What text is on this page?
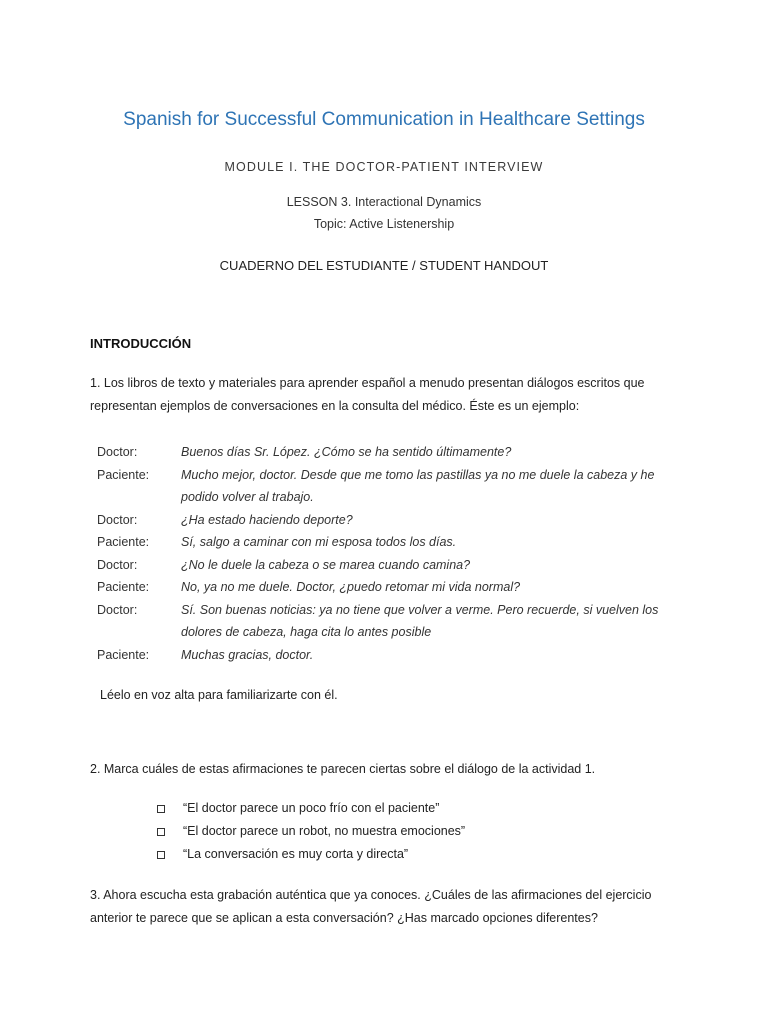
Spanish for Successful Communication in Healthcare Settings
MODULE I. THE DOCTOR-PATIENT INTERVIEW
LESSON 3. Interactional Dynamics
Topic: Active Listenership
CUADERNO DEL ESTUDIANTE / STUDENT HANDOUT
INTRODUCCIÓN
1. Los libros de texto y materiales para aprender español a menudo presentan diálogos escritos que representan ejemplos de conversaciones en la consulta del médico. Éste es un ejemplo:
Doctor:	Buenos días Sr. López. ¿Cómo se ha sentido últimamente?
Paciente:	Mucho mejor, doctor. Desde que me tomo las pastillas ya no me duele la cabeza y he podido volver al trabajo.
Doctor:	¿Ha estado haciendo deporte?
Paciente:	Sí, salgo a caminar con mi esposa todos los días.
Doctor:	¿No le duele la cabeza o se marea cuando camina?
Paciente:	No, ya no me duele. Doctor, ¿puedo retomar mi vida normal?
Doctor:	Sí. Son buenas noticias: ya no tiene que volver a verme. Pero recuerde, si vuelven los dolores de cabeza, haga cita lo antes posible
Paciente:	Muchas gracias, doctor.
Léelo en voz alta para familiarizarte con él.
2. Marca cuáles de estas afirmaciones te parecen ciertas sobre el diálogo de la actividad 1.
“El doctor parece un poco frío con el paciente”
“El doctor parece un robot, no muestra emociones”
“La conversación es muy corta y directa”
3. Ahora escucha esta grabación auténtica que ya conoces. ¿Cuáles de las afirmaciones del ejercicio anterior te parece que se aplican a esta conversación? ¿Has marcado opciones diferentes?
